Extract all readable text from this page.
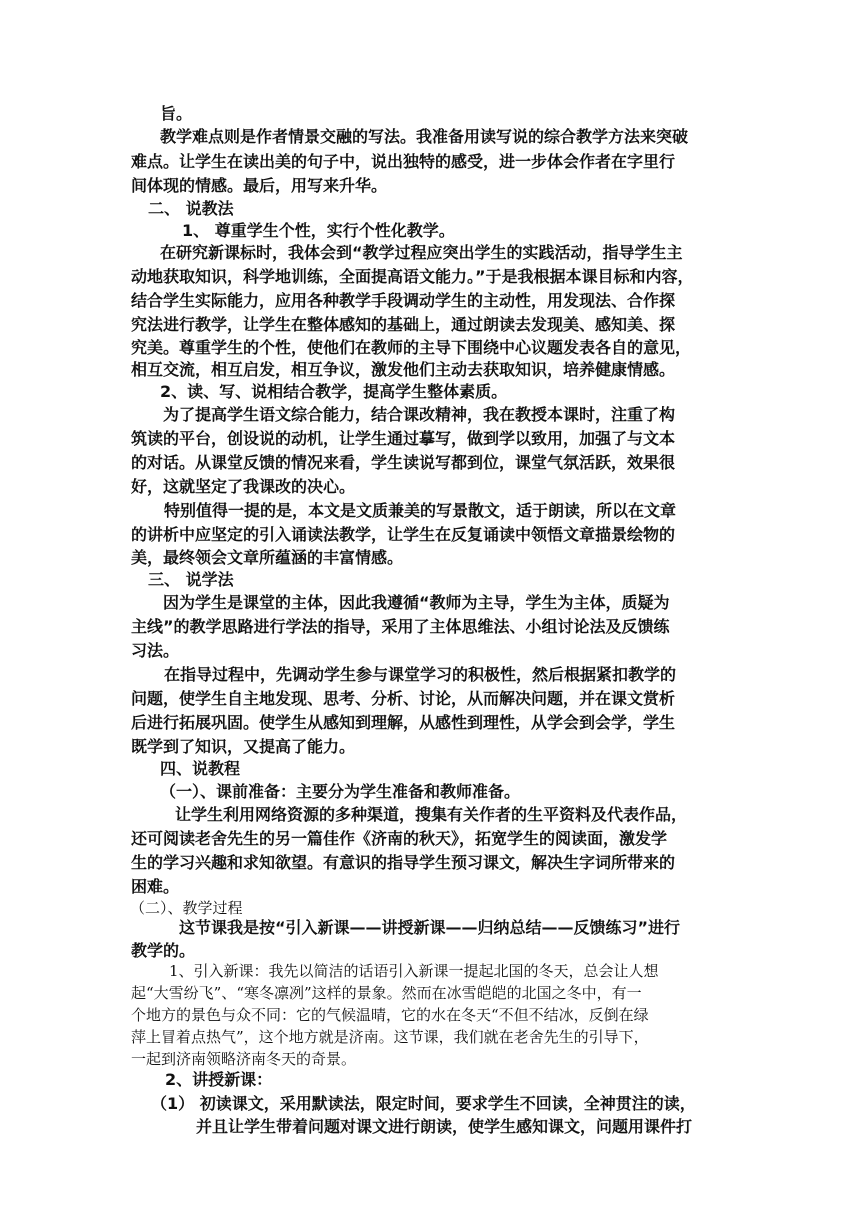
旨。
教学难点则是作者情景交融的写法。我准备用读写说的综合教学方法来突破
难点。让学生在读出美的句子中，说出独特的感受，进一步体会作者在字里行
间体现的情感。最后，用写来升华。
二、 说教法
1、 尊重学生个性，实行个性化教学。
在研究新课标时，我体会到“教学过程应突出学生的实践活动，指导学生主
动地获取知识，科学地训练，全面提高语文能力。”于是我根据本课目标和内容，
结合学生实际能力，应用各种教学手段调动学生的主动性，用发现法、合作探
究法进行教学，让学生在整体感知的基础上，通过朗读去发现美、感知美、探
究美。尊重学生的个性，使他们在教师的主导下围绕中心议题发表各自的意见，
相互交流，相互启发，相互争议，激发他们主动去获取知识，培养健康情感。
2、读、写、说相结合教学，提高学生整体素质。
为了提高学生语文综合能力，结合课改精神，我在教授本课时，注重了构
筑读的平台，创设说的动机，让学生通过摹写，做到学以致用，加强了与文本
的对话。从课堂反馈的情况来看，学生读说写都到位，课堂气氛活跃，效果很
好，这就坚定了我课改的决心。
特别值得一提的是，本文是文质兼美的写景散文，适于朗读，所以在文章
的讲析中应坚定的引入诵读法教学，让学生在反复诵读中领悟文章描景绘物的
美，最终领会文章所蕴涵的丰富情感。
三、 说学法
因为学生是课堂的主体，因此我遵循“教师为主导，学生为主体，质疑为
主线”的教学思路进行学法的指导，采用了主体思维法、小组讨论法及反馈练
习法。
在指导过程中，先调动学生参与课堂学习的积极性，然后根据紧扣教学的
问题，使学生自主地发现、思考、分析、讨论，从而解决问题，并在课文赏析
后进行拓展巩固。使学生从感知到理解，从感性到理性，从学会到会学，学生
既学到了知识，又提高了能力。
四、说教程
（一）、课前准备：主要分为学生准备和教师准备。
让学生利用网络资源的多种渠道，搜集有关作者的生平资料及代表作品，
还可阅读老舍先生的另一篇佳作《济南的秋天》，拓宽学生的阅读面，激发学
生的学习兴趣和求知欲望。有意识的指导学生预习课文，解决生字词所带来的
困难。
（二）、教学过程
这节课我是按“引入新课——讲授新课——归纳总结——反馈练习”进行
教学的。
1、引入新课：我先以简洁的话语引入新课一提起北国的冬天，总会让人想
起“大雪纷飞”、“寒冬凛冽”这样的景象。然而在冰雪皑皑的北国之冬中，有一
个地方的景色与众不同：它的气候温晴，它的水在冬天“不但不结冰，反倒在绿
萍上冒着点热气”，这个地方就是济南。这节课，我们就在老舍先生的引导下，
一起到济南领略济南冬天的奇景。
2、讲授新课：
（1） 初读课文，采用默读法，限定时间，要求学生不回读，全神贯注的读，
并且让学生带着问题对课文进行朗读，使学生感知课文，问题用课件打
